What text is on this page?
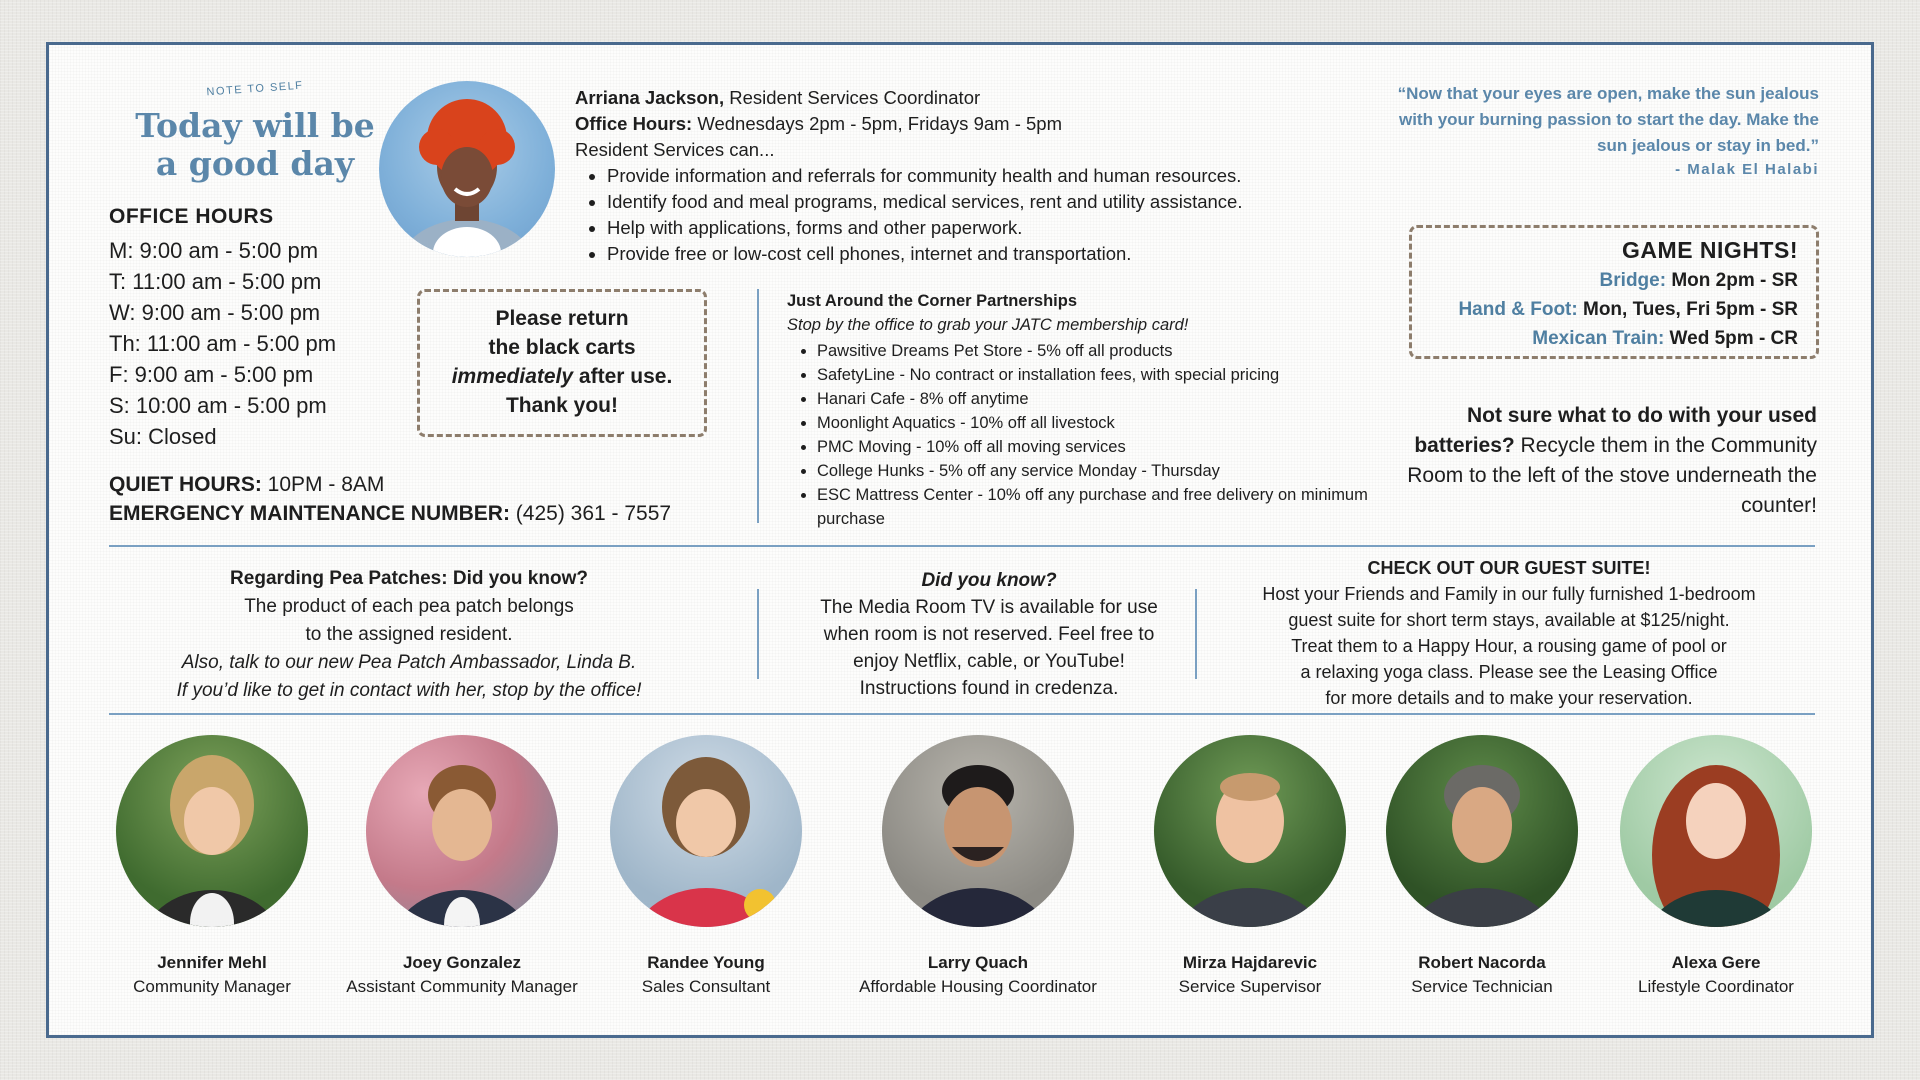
NOTE TO SELF
Today will be
a good day
OFFICE HOURS
M: 9:00 am - 5:00 pm
T: 11:00 am - 5:00 pm
W: 9:00 am - 5:00 pm
Th: 11:00 am - 5:00 pm
F: 9:00 am - 5:00 pm
S: 10:00 am - 5:00 pm
Su: Closed
QUIET HOURS: 10PM - 8AM
EMERGENCY MAINTENANCE NUMBER: (425) 361 - 7557
Arriana Jackson, Resident Services Coordinator
Office Hours: Wednesdays 2pm - 5pm, Fridays 9am - 5pm
Resident Services can...
• Provide information and referrals for community health and human resources.
• Identify food and meal programs, medical services, rent and utility assistance.
• Help with applications, forms and other paperwork.
• Provide free or low-cost cell phones, internet and transportation.
Please return
the black carts
immediately after use.
Thank you!
Just Around the Corner Partnerships
Stop by the office to grab your JATC membership card!
• Pawsitive Dreams Pet Store - 5% off all products
• SafetyLine - No contract or installation fees, with special pricing
• Hanari Cafe - 8% off anytime
• Moonlight Aquatics - 10% off all livestock
• PMC Moving - 10% off all moving services
• College Hunks - 5% off any service Monday - Thursday
• ESC Mattress Center - 10% off any purchase and free delivery on minimum purchase
“Now that your eyes are open, make the sun jealous with your burning passion to start the day. Make the sun jealous or stay in bed.”
- Malak El Halabi
GAME NIGHTS!
Bridge: Mon 2pm - SR
Hand & Foot: Mon, Tues, Fri 5pm - SR
Mexican Train: Wed 5pm - CR
Not sure what to do with your used batteries? Recycle them in the Community Room to the left of the stove underneath the counter!
Regarding Pea Patches: Did you know?
The product of each pea patch belongs
to the assigned resident.
Also, talk to our new Pea Patch Ambassador, Linda B.
If you’d like to get in contact with her, stop by the office!
Did you know?
The Media Room TV is available for use
when room is not reserved. Feel free to
enjoy Netflix, cable, or YouTube!
Instructions found in credenza.
CHECK OUT OUR GUEST SUITE!
Host your Friends and Family in our fully furnished 1-bedroom
guest suite for short term stays, available at $125/night.
Treat them to a Happy Hour, a rousing game of pool or
a relaxing yoga class. Please see the Leasing Office
for more details and to make your reservation.
Jennifer Mehl
Community Manager
Joey Gonzalez
Assistant Community Manager
Randee Young
Sales Consultant
Larry Quach
Affordable Housing Coordinator
Mirza Hajdarevic
Service Supervisor
Robert Nacorda
Service Technician
Alexa Gere
Lifestyle Coordinator
